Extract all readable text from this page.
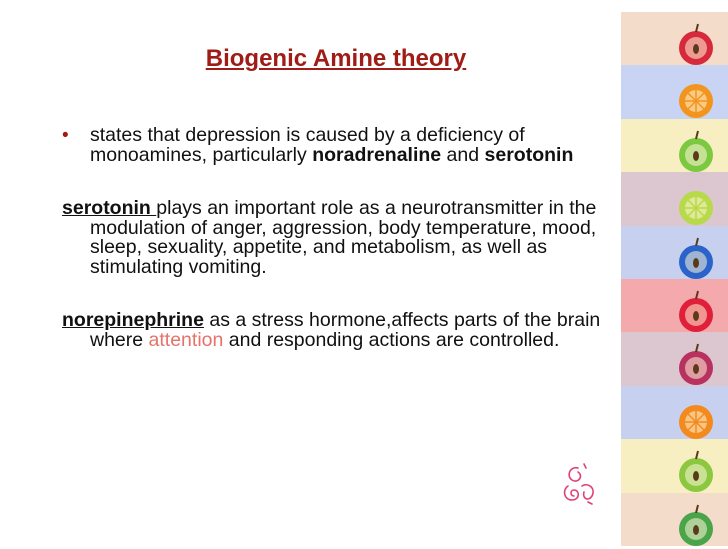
Biogenic Amine theory
• states that depression is caused by a deficiency of monoamines, particularly noradrenaline and serotonin
serotonin plays an important role as a neurotransmitter in the modulation of anger, aggression, body temperature, mood, sleep, sexuality, appetite, and metabolism, as well as stimulating vomiting.
norepinephrine as a stress hormone,affects parts of the brain where attention and responding actions are controlled.
